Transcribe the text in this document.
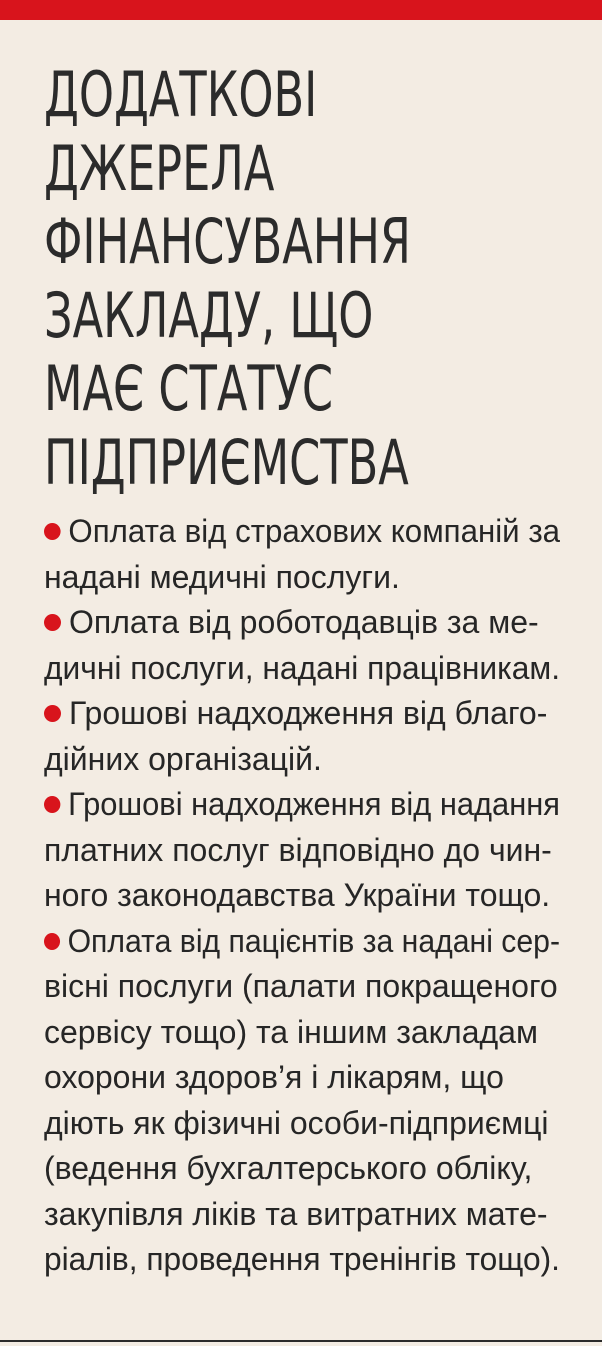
ДОДАТКОВІ
ДЖЕРЕЛА
ФІНАНСУВАННЯ
ЗАКЛАДУ, ЩО
МАЄ СТАТУС
ПІДПРИЄМСТВА
Оплата від страхових компаній за
надані медичні послуги.
Оплата від роботодавців за ме-
дичні послуги, надані працівникам.
Грошові надходження від благо-
дійних організацій.
Грошові надходження від надання
платних послуг відповідно до чин-
ного законодавства України тощо.
Оплата від пацієнтів за надані сер-
вісні послуги (палати покращеного
сервісу тощо) та іншим закладам
охорони здоров’я і лікарям, що
діють як фізичні особи-підприємці
(ведення бухгалтерського обліку,
закупівля ліків та витратних мате-
ріалів, проведення тренінгів тощо).
